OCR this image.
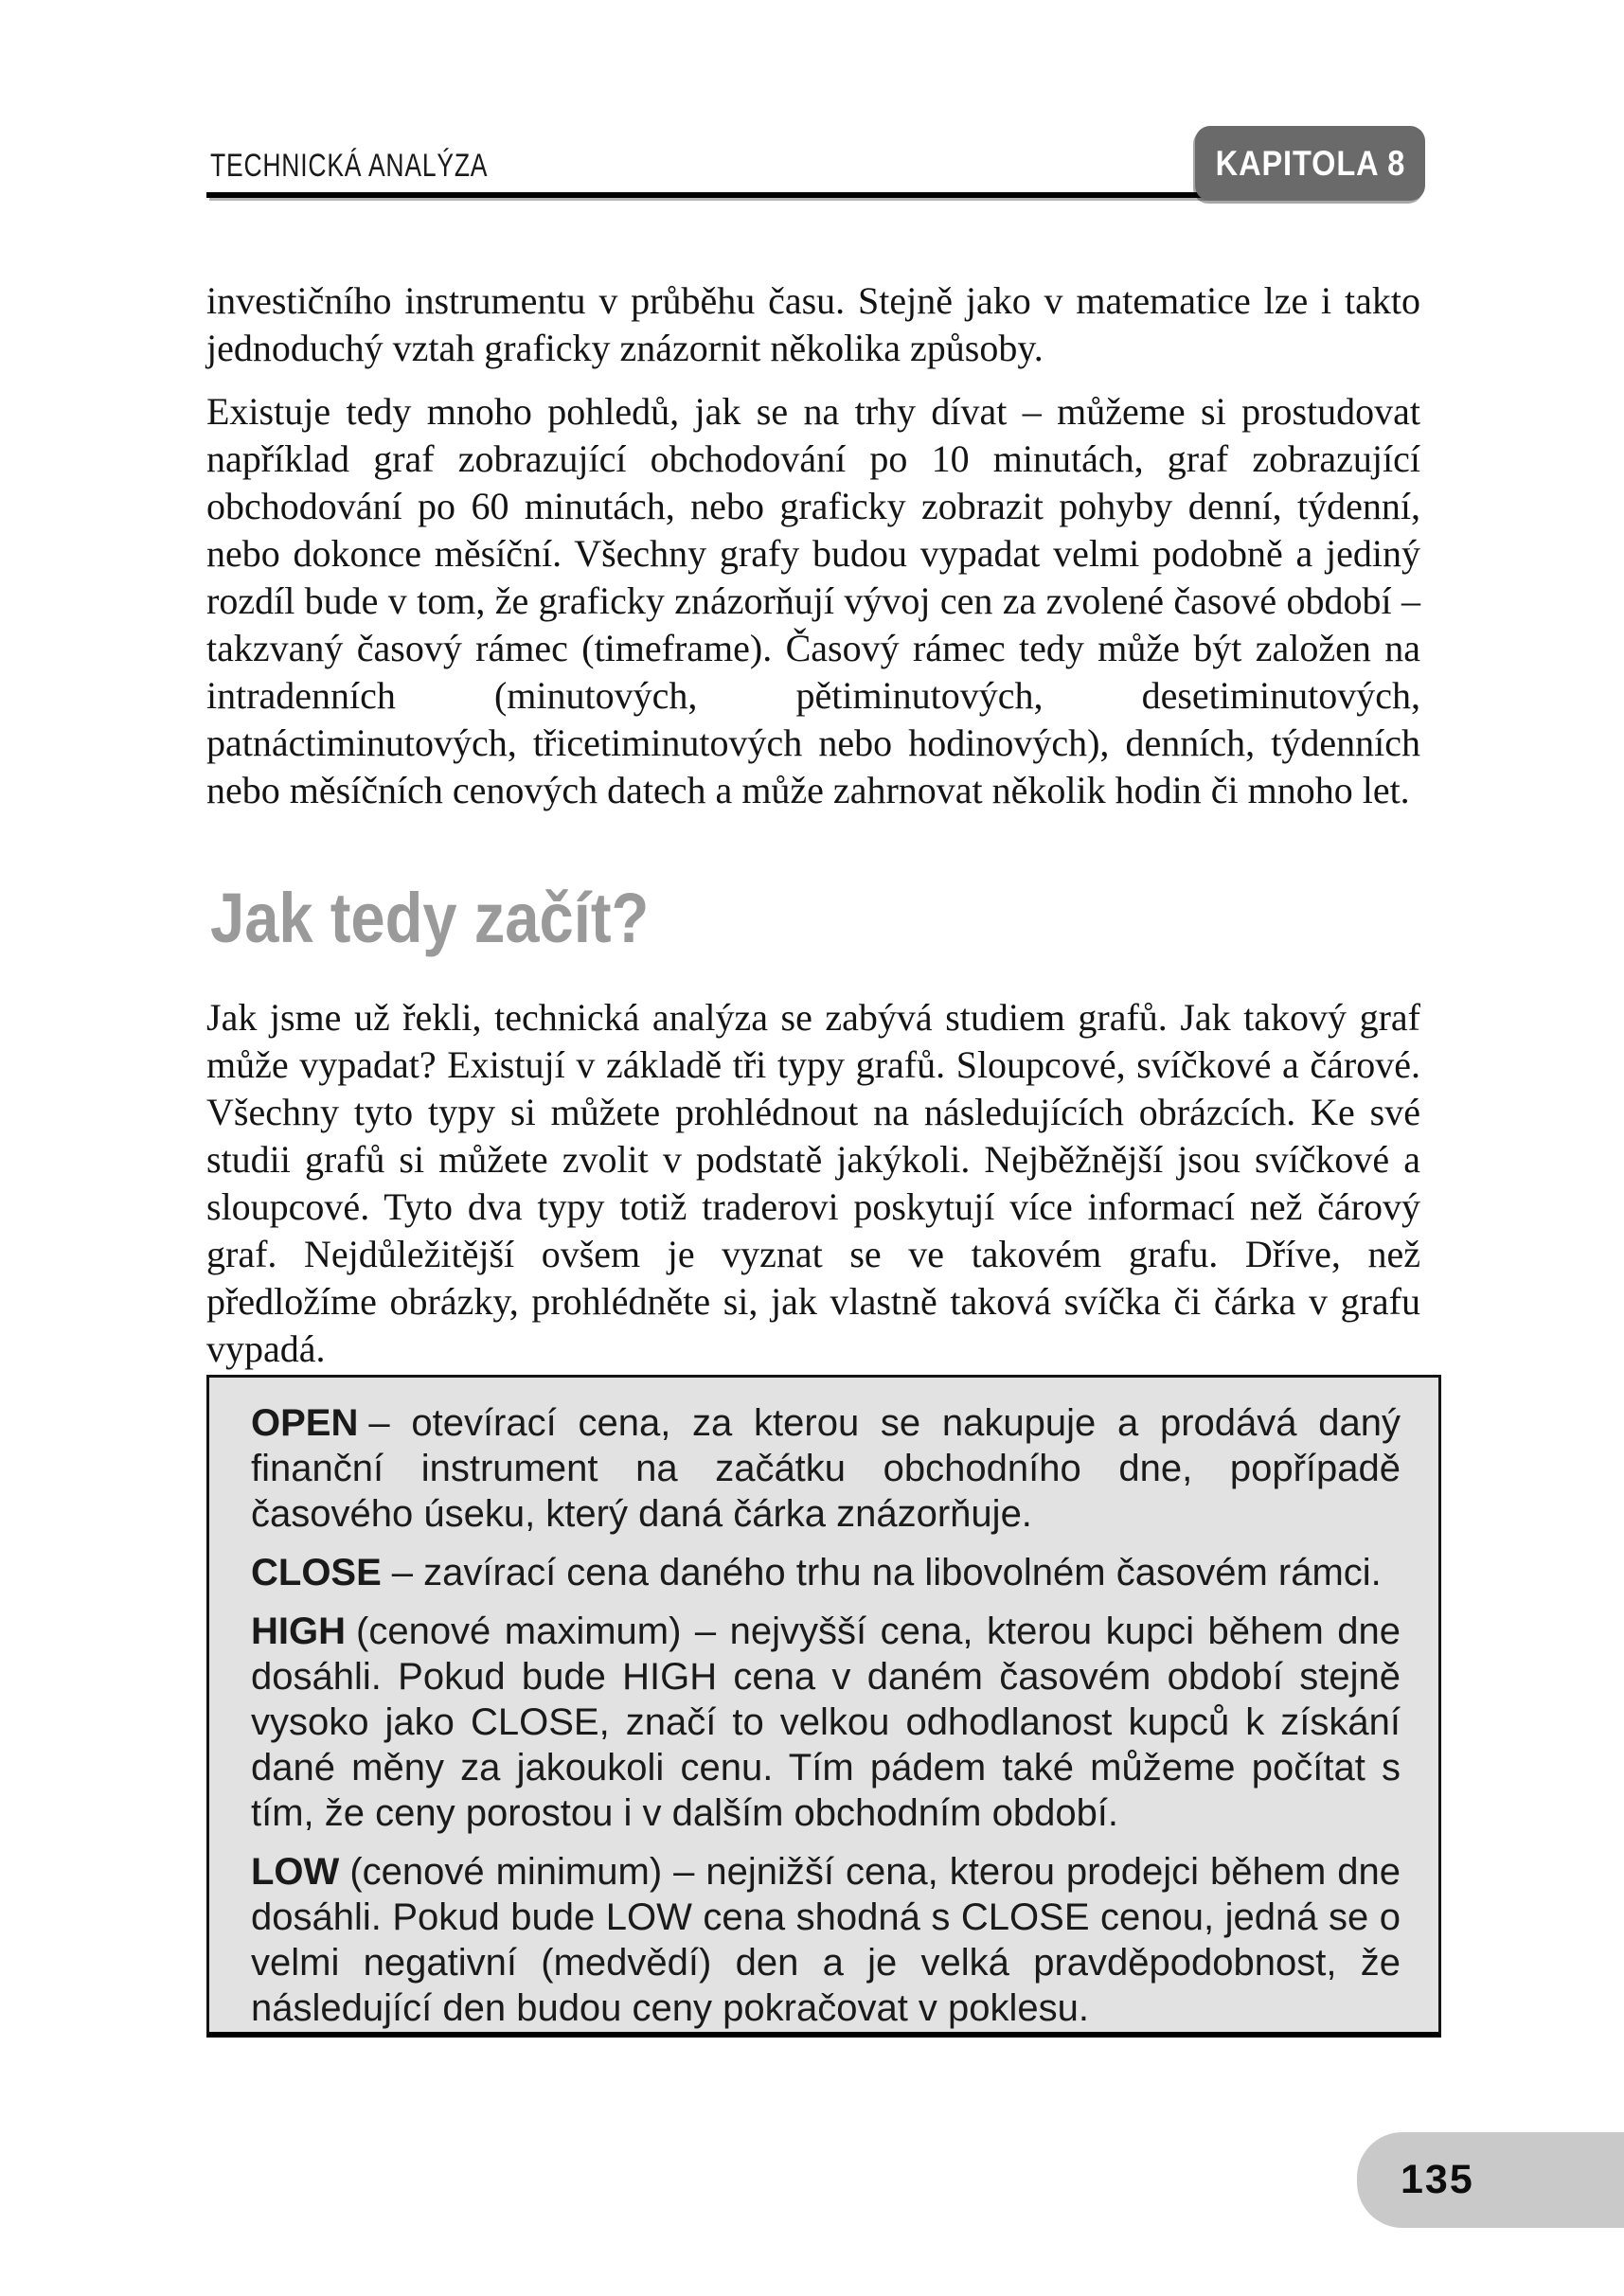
TECHNICKÁ ANALÝZA	KAPITOLA 8

investičního instrumentu v průběhu času. Stejně jako v matematice lze i takto jednoduchý vztah graficky znázornit několika způsoby.

Existuje tedy mnoho pohledů, jak se na trhy dívat – můžeme si prostudovat například graf zobrazující obchodování po 10 minutách, graf zobrazující obchodování po 60 minutách, nebo graficky zobrazit pohyby denní, týdenní, nebo dokonce měsíční. Všechny grafy budou vypadat velmi podobně a jediný rozdíl bude v tom, že graficky znázorňují vývoj cen za zvolené časové období – takzvaný časový rámec (timeframe). Časový rámec tedy může být založen na intradenních (minutových, pětiminutových, desetiminutových, patnáctiminutových, třicetiminutových nebo hodinových), denních, týdenních nebo měsíčních cenových datech a může zahrnovat několik hodin či mnoho let.

Jak tedy začít?

Jak jsme už řekli, technická analýza se zabývá studiem grafů. Jak takový graf může vypadat? Existují v základě tři typy grafů. Sloupcové, svíčkové a čárové. Všechny tyto typy si můžete prohlédnout na následujících obrázcích. Ke své studii grafů si můžete zvolit v podstatě jakýkoli. Nejběžnější jsou svíčkové a sloupcové. Tyto dva typy totiž traderovi poskytují více informací než čárový graf. Nejdůležitější ovšem je vyznat se ve takovém grafu. Dříve, než předložíme obrázky, prohlédněte si, jak vlastně taková svíčka či čárka v grafu vypadá.

OPEN – otevírací cena, za kterou se nakupuje a prodává daný finanční instrument na začátku obchodního dne, popřípadě časového úseku, který daná čárka znázorňuje.

CLOSE – zavírací cena daného trhu na libovolném časovém rámci.

HIGH (cenové maximum) – nejvyšší cena, kterou kupci během dne dosáhli. Pokud bude HIGH cena v daném časovém období stejně vysoko jako CLOSE, značí to velkou odhodlanost kupců k získání dané měny za jakoukoli cenu. Tím pádem také můžeme počítat s tím, že ceny porostou i v dalším obchodním období.

LOW (cenové minimum) – nejnižší cena, kterou prodejci během dne dosáhli. Pokud bude LOW cena shodná s CLOSE cenou, jedná se o velmi negativní (medvědí) den a je velká pravděpodobnost, že následující den budou ceny pokračovat v poklesu.

135
